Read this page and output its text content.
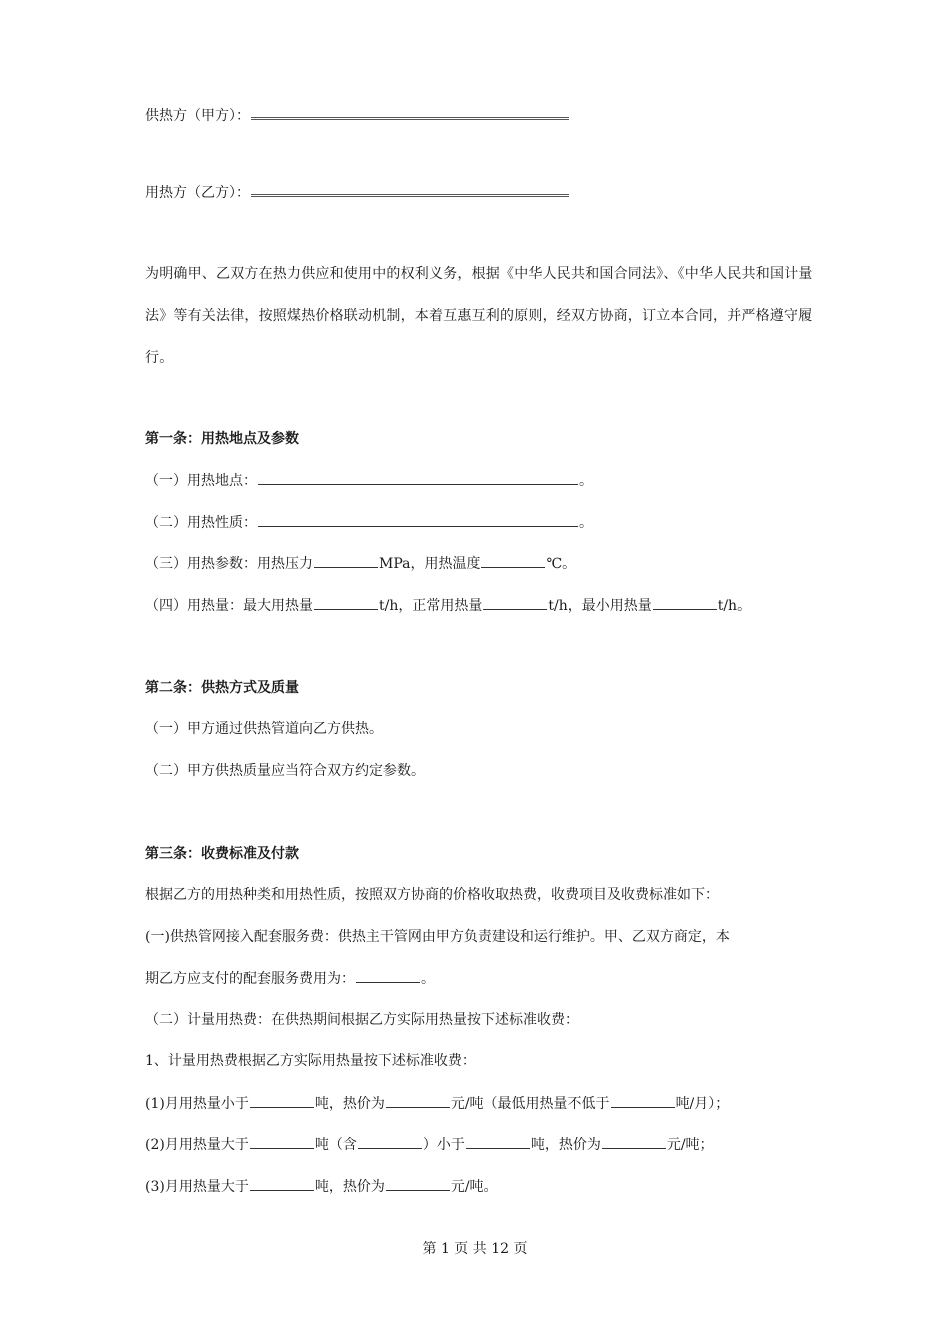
供热方（甲方）：
用热方（乙方）：
为明确甲、乙双方在热力供应和使用中的权利义务，根据《中华人民共和国合同法》、《中华人民共和国计量法》等有关法律，按照煤热价格联动机制，本着互惠互利的原则，经双方协商，订立本合同，并严格遵守履行。
第一条：用热地点及参数
（一）用热地点：	。
（二）用热性质：	。
（三）用热参数：用热压力	MPa，用热温度	℃。
（四）用热量：最大用热量	t/h，正常用热量	t/h，最小用热量	t/h。
第二条：供热方式及质量
（一）甲方通过供热管道向乙方供热。
（二）甲方供热质量应当符合双方约定参数。
第三条：收费标准及付款
根据乙方的用热种类和用热性质，按照双方协商的价格收取热费，收费项目及收费标准如下：
(一)供热管网接入配套服务费：供热主干管网由甲方负责建设和运行维护。甲、乙双方商定，本
期乙方应支付的配套服务费用为：	。
（二）计量用热费：在供热期间根据乙方实际用热量按下述标准收费：
1、计量用热费根据乙方实际用热量按下述标准收费：
(1)月用热量小于	吨，热价为	元/吨（最低用热量不低于	吨/月）；
(2)月用热量大于	吨（含	）小于	吨，热价为	元/吨；
(3)月用热量大于	吨，热价为	元/吨。
第 1 页 共 12 页
